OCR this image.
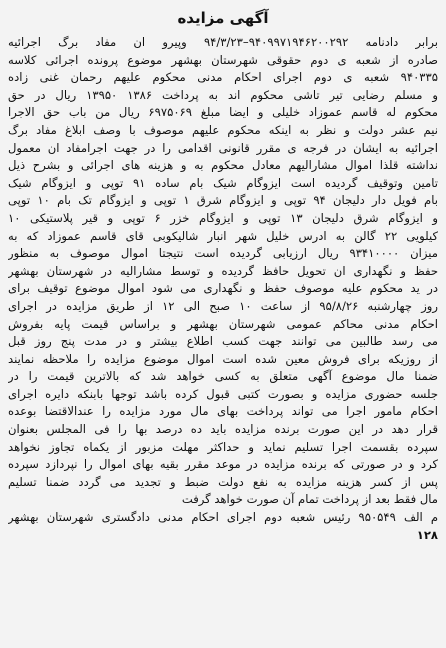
آگهی مزایده
برابر دادنامه ۹۴۰۹۹۷۱۹۴۶۲۰۰۲۹۲–۹۴/۳/۲۳ وپیرو ان مفاد برگ اجرائیه
صادره از شعبه ی دوم حقوقی شهرستان بهشهر موضوع پرونده اجرائی کلاسه
۹۴۰۳۳۵ شعبه ی دوم اجرای احکام مدنی محکوم علیهم رحمان غنی زاده
و مسلم رضایی تیر تاشی محکوم اند به پرداخت ۱۳۸۶ ۱۳۹۵۰ ریال در حق
محکوم له قاسم عموزاد خلیلی و ایضا مبلغ ۶۹۷۵۰۶۹ ریال من باب حق الاجرا
نیم عشر دولت و نظر به اینکه محکوم علیهم موصوف با وصف ابلاغ مفاد برگ
اجرائیه به ایشان در فرجه ی مقرر قانونی اقدامی را در جهت اجرامفاد ان معمول
نداشته قلذا اموال مشارالیهم معادل محکوم به و هزینه های اجرائی و بشرح ذیل
تامین وتوقیف گردیده است ایزوگام شیک بام ساده ۹۱ توپی و ایزوگام شیک
بام فویل دار دلیجان ۹۴ توپی و ایزوگام شرق ۱ توپی و ایزوگام تک بام ۱۰ توپی
و ایزوگام شرق دلیجان ۱۳ توپی و ایزوگام خزر ۶ توپی و قیر پلاستیکی ۱۰
کیلویی ۲۲ گالن به ادرس خلیل شهر انبار شالیکوبی قای قاسم عموزاد که به
میزان ۹۳۴۱۰۰۰۰ ریال ارزیابی گردیده است نتیجتا اموال موصوف به منظور
حفظ و نگهداری ان تحویل حافظ گردیده و توسط مشارالیه در شهرستان بهشهر
در ید محکوم علیه موصوف حفظ و نگهداری می شود اموال موضوع توقیف برای
روز چهارشنبه ۹۵/۸/۲۶ از ساعت ۱۰ صبح الی ۱۲ از طریق مزایده در اجرای
احکام مدنی محاکم عمومی شهرستان بهشهر و براساس قیمت پایه بفروش
می رسد طالبین می توانند جهت کسب اطلاع بیشتر و در مدت پنج روز قبل
از روزیکه برای فروش معین شده است اموال موضوع مزایده را ملاحظه نمایند
ضمنا مال موضوع آگهی متعلق به کسی خواهد شد که بالاترین قیمت را در
جلسه حضوری مزایده و بصورت کتبی قبول کرده باشد توجها بابنکه دایره اجرای
احکام مامور اجرا می تواند پرداخت بهای مال مورد مزایده را عندالاقتضا بوعده
قرار دهد در این صورت برنده مزایده باید ده درصد بها را فی المجلس بعنوان
سپرده بقسمت اجرا تسلیم نماید و حداکثر مهلت مزبور از یکماه تجاوز نخواهد
کرد و در صورتی که برنده مزایده در موعد مقرر بقیه بهای اموال را نپردازد سپرده
پس از کسر هزینه مزایده به نفع دولت ضبط و تجدید می گردد ضمنا تسلیم
مال فقط بعد از پرداخت تمام آن صورت خواهد گرفت
م الف ۹۵۰۵۴۹ رئیس شعبه دوم اجرای احکام مدنی دادگستری شهرستان بهشهر
۱۲۸
